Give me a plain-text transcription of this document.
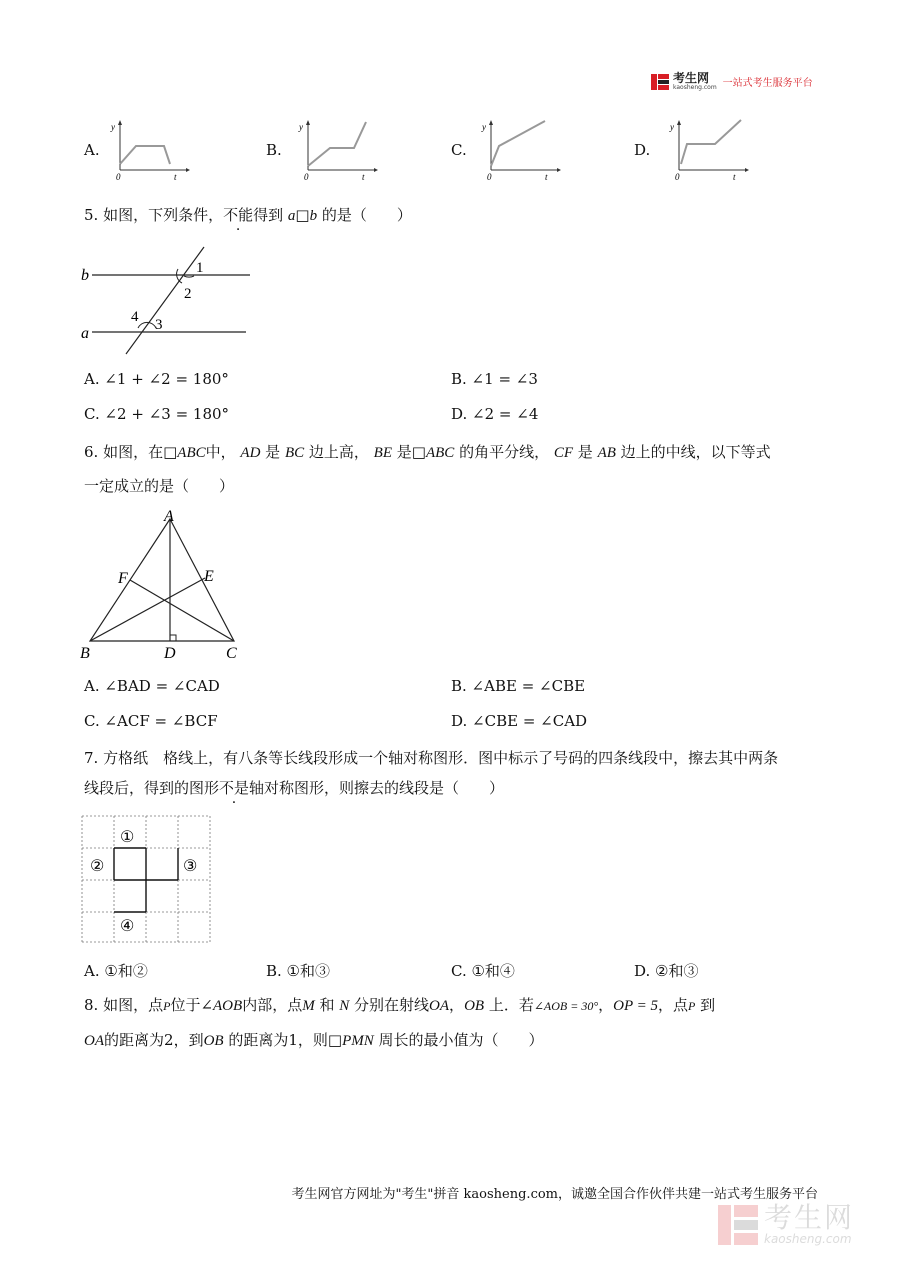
考生网
kaosheng.com 一站式考生服务平台
A.	B.	C.	D.
y
0	t
y
0	t
y
0	t
y
0	t
5. 如图，下列条件，不能得到 a□b 的是（　　）
b
a
1
2
3
4
A. ∠1 + ∠2 = 180°	B. ∠1 = ∠3
C. ∠2 + ∠3 = 180°	D. ∠2 = ∠4
6. 如图，在□ABC中， AD 是 BC 边上高， BE 是□ABC 的角平分线， CF 是 AB 边上的中线，以下等式
一定成立的是（　　）
A
B	C
D
E
F
A. ∠BAD = ∠CAD	B. ∠ABE = ∠CBE
C. ∠ACF = ∠BCF	D. ∠CBE = ∠CAD
7. 方格纸　格线上，有八条等长线段形成一个轴对称图形．图中标示了号码的四条线段中，擦去其中两条
线段后，得到的图形不是轴对称图形，则擦去的线段是（　　）
①
②	③
④
A. ①和②	B. ①和③	C. ①和④	D. ②和③
8. 如图，点P位于∠AOB内部，点M 和 N 分别在射线OA，OB 上．若∠AOB = 30°，OP = 5，点P 到
OA的距离为2，到OB 的距离为1，则□PMN 周长的最小值为（　　）
考生网官方网址为"考生"拼音 kaosheng.com，诚邀全国合作伙伴共建一站式考生服务平台
考生网
kaosheng.com
